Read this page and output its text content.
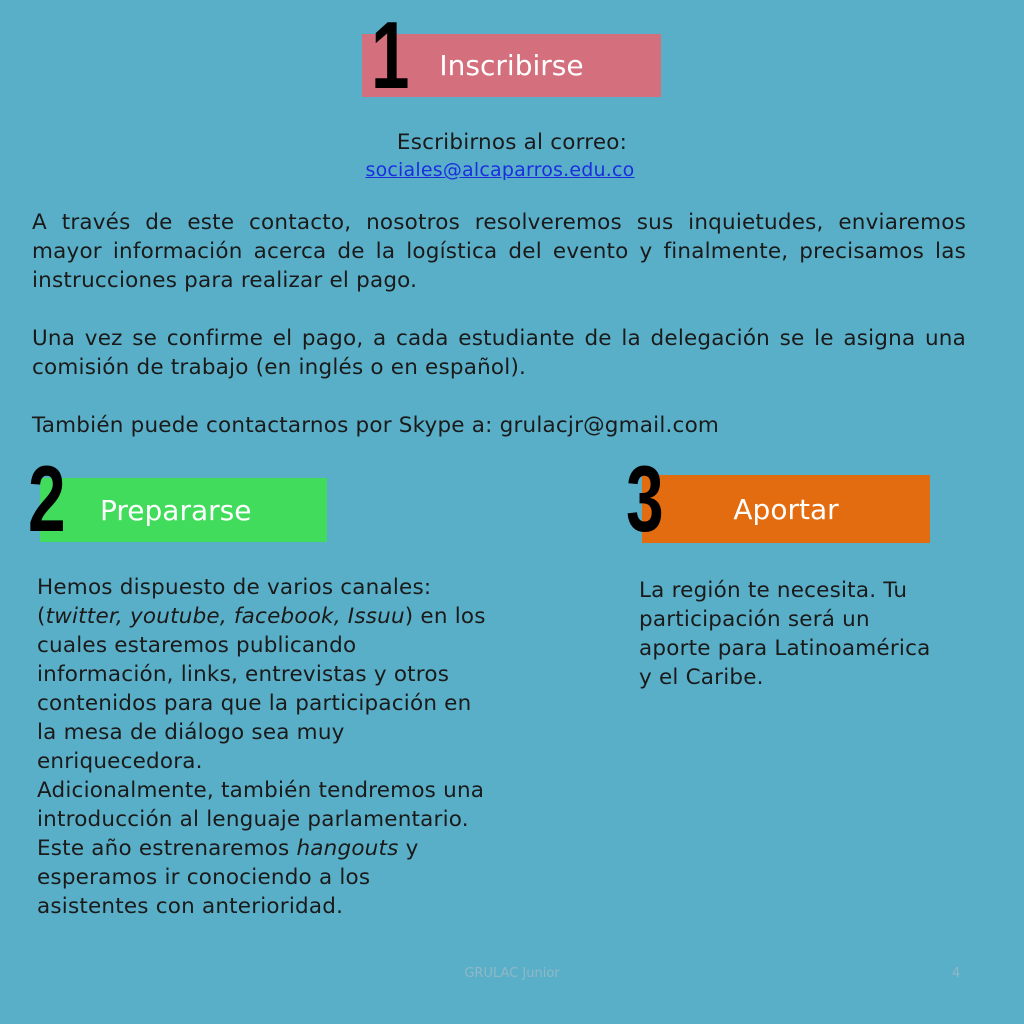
1 Inscribirse

Escribirnos al correo:

sociales@alcaparros.edu.co

A través de este contacto, nosotros resolveremos sus inquietudes, enviaremos mayor información acerca de la logística del evento y finalmente, precisamos las instrucciones para realizar el pago.

Una vez se confirme el pago, a cada estudiante de la delegación se le asigna una comisión de trabajo (en inglés o en español).

También puede contactarnos por Skype a: grulacjr@gmail.com

2 Prepararse

Hemos dispuesto de varios canales: (twitter, youtube, facebook, Issuu) en los cuales estaremos publicando información, links, entrevistas y otros contenidos para que la participación en la mesa de diálogo sea muy enriquecedora.

Adicionalmente, también tendremos una introducción al lenguaje parlamentario.

Este año estrenaremos hangouts y esperamos ir conociendo a los asistentes con anterioridad.

3 Aportar

La región te necesita. Tu participación será un aporte para Latinoamérica y el Caribe.

GRULAC Junior	4
